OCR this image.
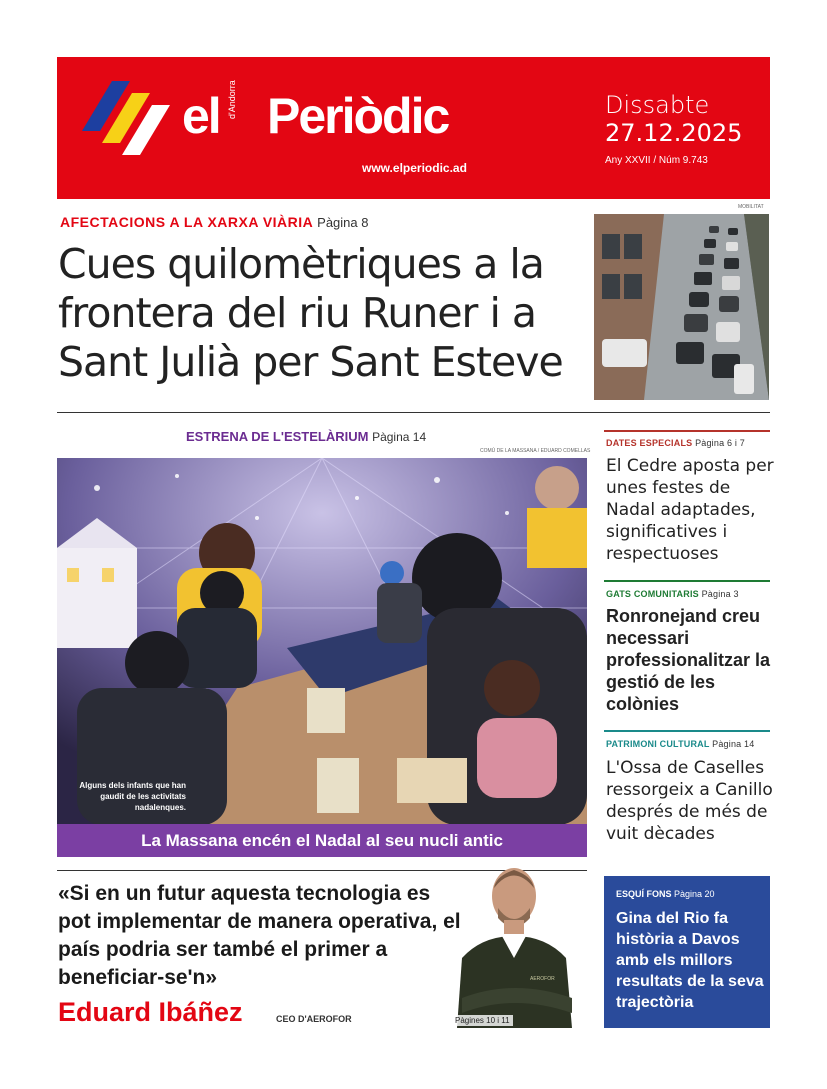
el d'Andorra Periòdic
www.elperiodic.ad
Dissabte
27.12.2025
Any XXVII / Núm 9.743
AFECTACIONS A LA XARXA VIÀRIA Pàgina 8
Cues quilomètriques a la frontera del riu Runer i a Sant Julià per Sant Esteve
MOBILITAT
ESTRENA DE L'ESTELÀRIUM Pàgina 14
COMÚ DE LA MASSANA / EDUARD COMELLAS
Alguns dels infants que han gaudit de les activitats nadalenques.
La Massana encén el Nadal al seu nucli antic
DATES ESPECIALS Pàgina 6 i 7
El Cedre aposta per unes festes de Nadal adaptades, significatives i respectuoses
GATS COMUNITARIS Pàgina 3
Ronronejand creu necessari professionalitzar la gestió de les colònies
PATRIMONI CULTURAL Pàgina 14
L'Ossa de Caselles ressorgeix a Canillo després de més de vuit dècades
ESQUÍ FONS Pàgina 20
Gina del Rio fa història a Davos amb els millors resultats de la seva trajectòria
AEROFOR
Pàgines 10 i 11
«Si en un futur aquesta tecnologia es pot implementar de manera operativa, el país podria ser també el primer a beneficiar-se'n»
Eduard Ibáñez	CEO D'AEROFOR
